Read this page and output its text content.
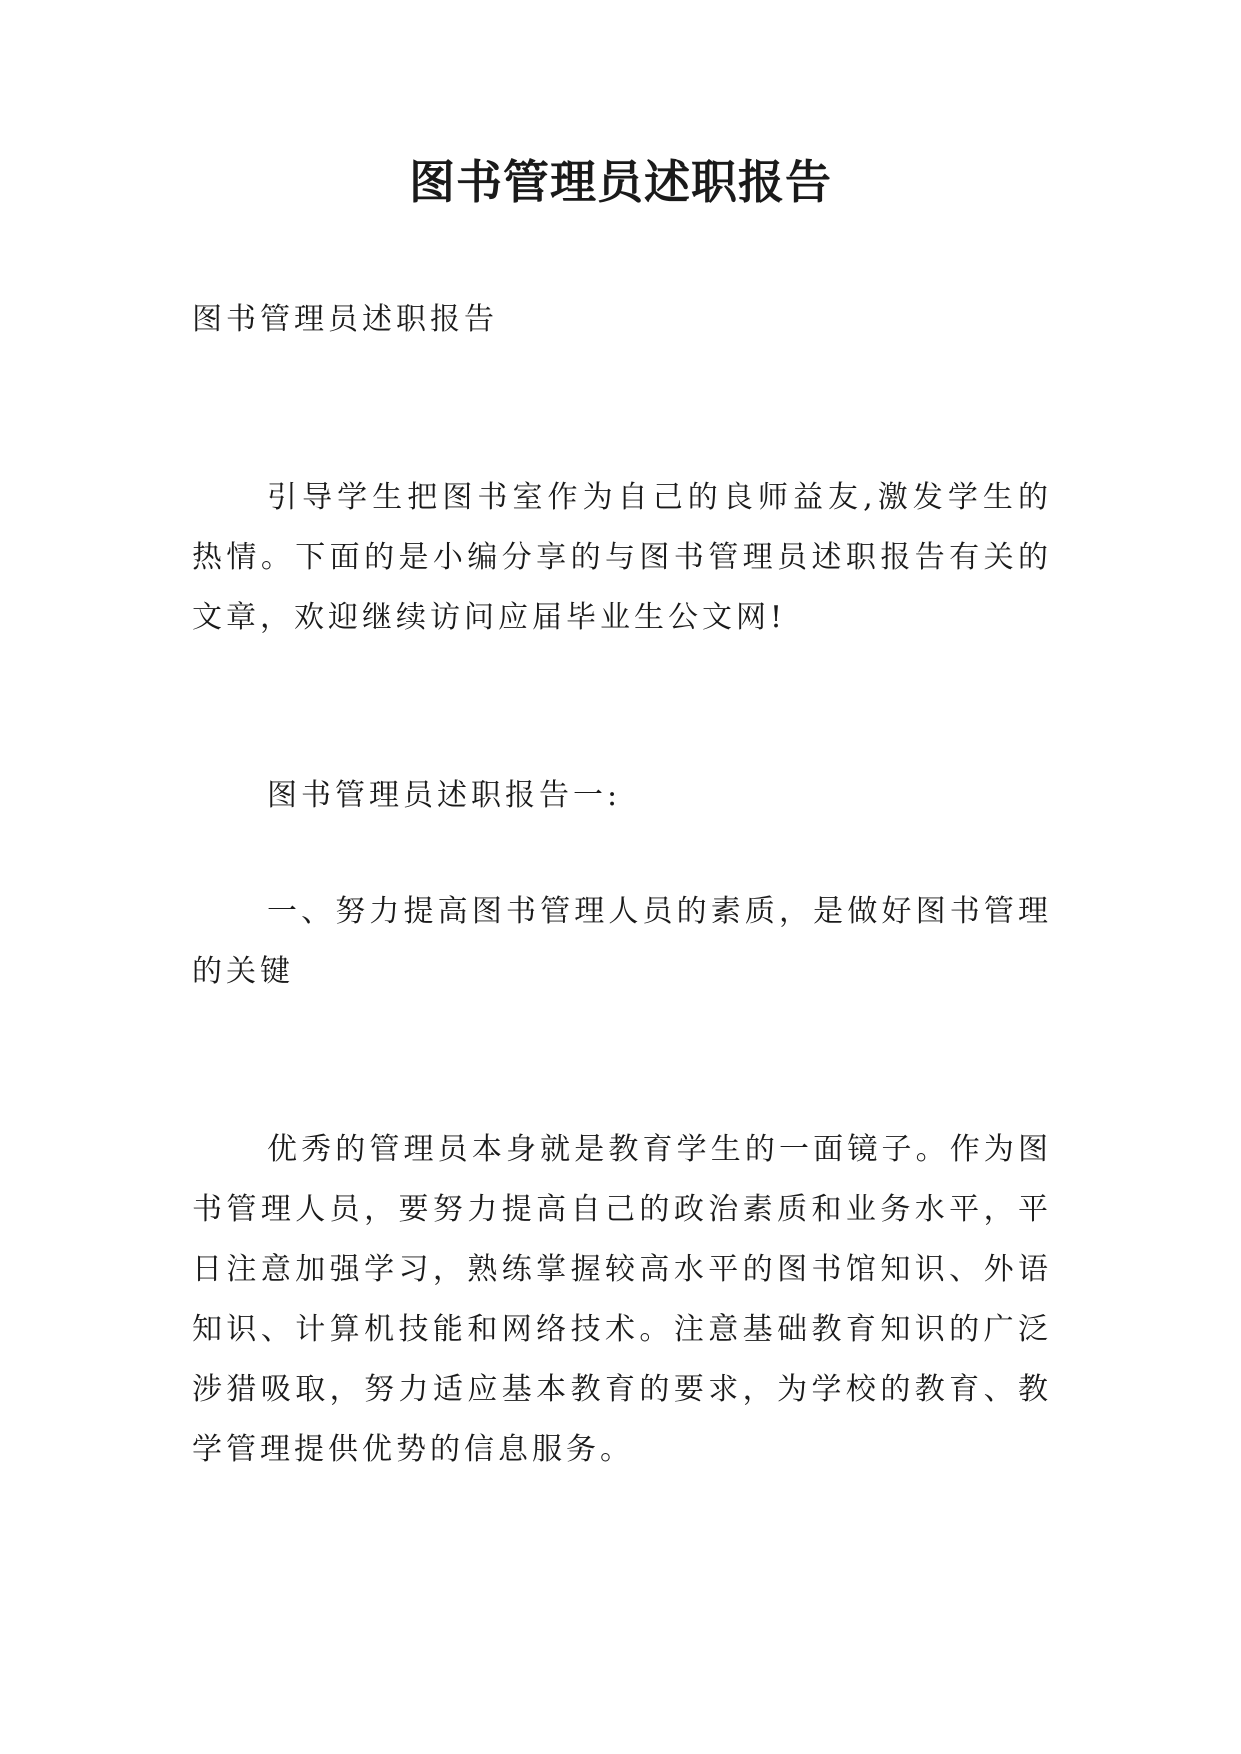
图书管理员述职报告

图书管理员述职报告

引导学生把图书室作为自己的良师益友,激发学生的热情。下面的是小编分享的与图书管理员述职报告有关的文章，欢迎继续访问应届毕业生公文网!

图书管理员述职报告一:

一、努力提高图书管理人员的素质，是做好图书管理的关键

优秀的管理员本身就是教育学生的一面镜子。作为图书管理人员，要努力提高自己的政治素质和业务水平，平日注意加强学习，熟练掌握较高水平的图书馆知识、外语知识、计算机技能和网络技术。注意基础教育知识的广泛涉猎吸取，努力适应基本教育的要求，为学校的教育、教学管理提供优势的信息服务。
